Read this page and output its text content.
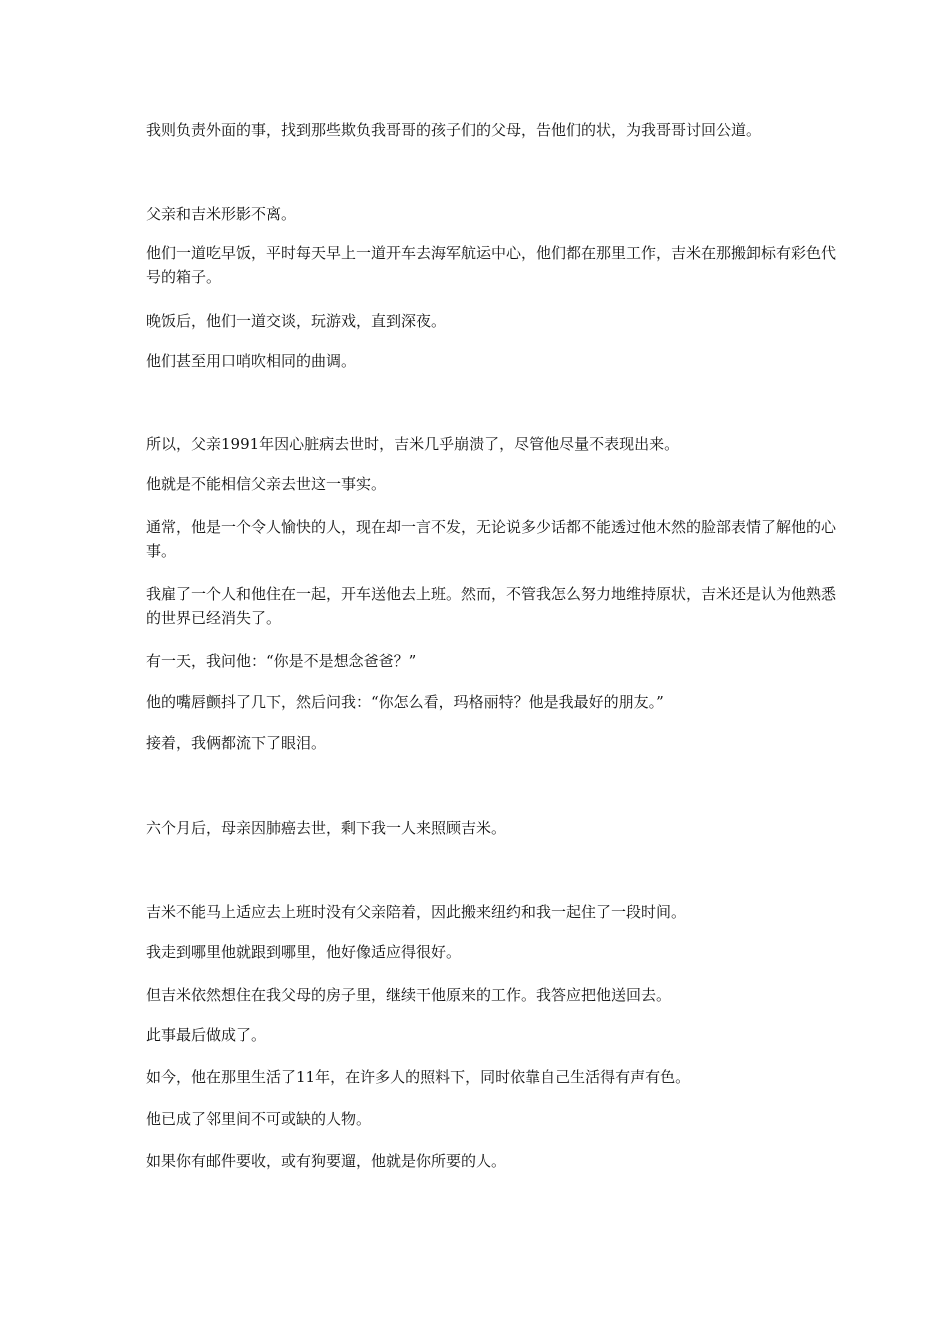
我则负责外面的事，找到那些欺负我哥哥的孩子们的父母，告他们的状，为我哥哥讨回公道。

父亲和吉米形影不离。

他们一道吃早饭，平时每天早上一道开车去海军航运中心，他们都在那里工作，吉米在那搬卸标有彩色代号的箱子。

晚饭后，他们一道交谈，玩游戏，直到深夜。

他们甚至用口哨吹相同的曲调。

所以，父亲1991年因心脏病去世时，吉米几乎崩溃了，尽管他尽量不表现出来。

他就是不能相信父亲去世这一事实。

通常，他是一个令人愉快的人，现在却一言不发，无论说多少话都不能透过他木然的脸部表情了解他的心事。

我雇了一个人和他住在一起，开车送他去上班。然而，不管我怎么努力地维持原状，吉米还是认为他熟悉的世界已经消失了。

有一天，我问他：“你是不是想念爸爸？”

他的嘴唇颤抖了几下，然后问我：“你怎么看，玛格丽特？他是我最好的朋友。”

接着，我俩都流下了眼泪。

六个月后，母亲因肺癌去世，剩下我一人来照顾吉米。

吉米不能马上适应去上班时没有父亲陪着，因此搬来纽约和我一起住了一段时间。

我走到哪里他就跟到哪里，他好像适应得很好。

但吉米依然想住在我父母的房子里，继续干他原来的工作。我答应把他送回去。

此事最后做成了。

如今，他在那里生活了11年，在许多人的照料下，同时依靠自己生活得有声有色。

他已成了邻里间不可或缺的人物。

如果你有邮件要收，或有狗要遛，他就是你所要的人。
